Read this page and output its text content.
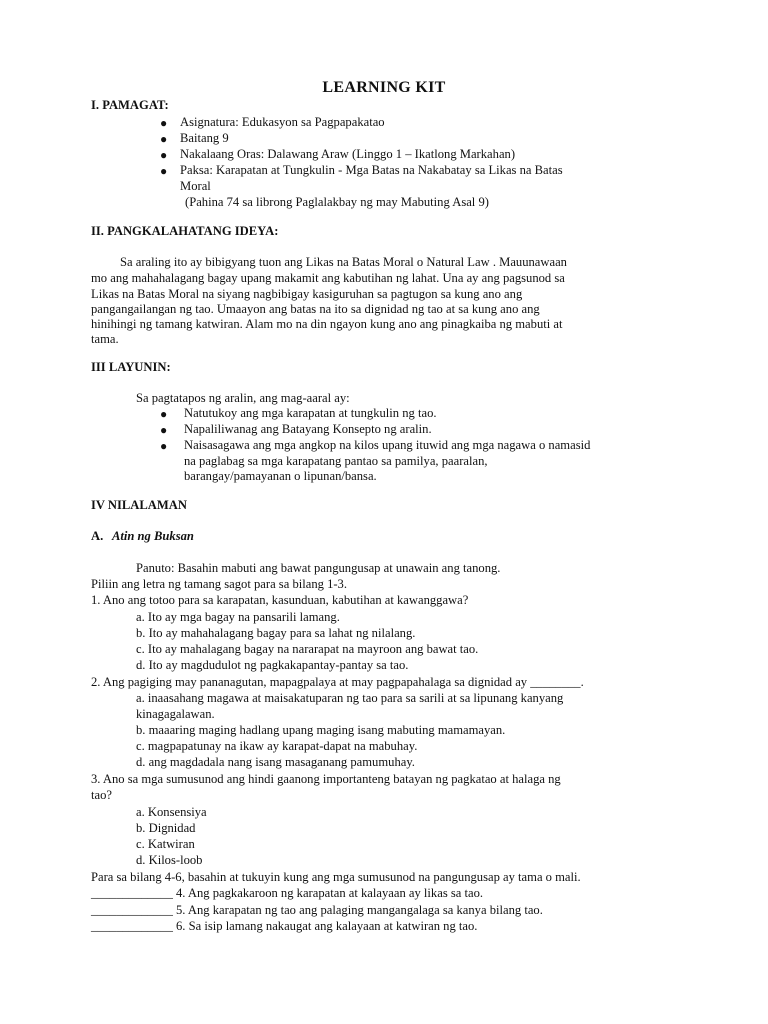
LEARNING KIT
I. PAMAGAT:
● Asignatura: Edukasyon sa Pagpapakatao
● Baitang 9
● Nakalaang Oras: Dalawang Araw (Linggo 1 – Ikatlong Markahan)
● Paksa: Karapatan at Tungkulin - Mga Batas na Nakabatay sa Likas na Batas
Moral
(Pahina 74 sa librong Paglalakbay ng may Mabuting Asal 9)
II. PANGKALAHATANG IDEYA:
Sa araling ito ay bibigyang tuon ang Likas na Batas Moral o Natural Law . Mauunawaan
mo ang mahahalagang bagay upang makamit ang kabutihan ng lahat. Una ay ang pagsunod sa
Likas na Batas Moral na siyang nagbibigay kasiguruhan sa pagtugon sa kung ano ang
pangangailangan ng tao. Umaayon ang batas na ito sa dignidad ng tao at sa kung ano ang
hinihingi ng tamang katwiran. Alam mo na din ngayon kung ano ang pinagkaiba ng mabuti at
tama.
III LAYUNIN:
Sa pagtatapos ng aralin, ang mag-aaral ay:
● Natutukoy ang mga karapatan at tungkulin ng tao.
● Napaliliwanag ang Batayang Konsepto ng aralin.
● Naisasagawa ang mga angkop na kilos upang ituwid ang mga nagawa o namasid
na paglabag sa mga karapatang pantao sa pamilya, paaralan,
barangay/pamayanan o lipunan/bansa.
IV NILALAMAN
A. Atin ng Buksan
Panuto: Basahin mabuti ang bawat pangungusap at unawain ang tanong.
Piliin ang letra ng tamang sagot para sa bilang 1-3.
1. Ano ang totoo para sa karapatan, kasunduan, kabutihan at kawanggawa?
a. Ito ay mga bagay na pansarili lamang.
b. Ito ay mahahalagang bagay para sa lahat ng nilalang.
c. Ito ay mahalagang bagay na nararapat na mayroon ang bawat tao.
d. Ito ay magdudulot ng pagkakapantay-pantay sa tao.
2. Ang pagiging may pananagutan, mapagpalaya at may pagpapahalaga sa dignidad ay ________.
a. inaasahang magawa at maisakatuparan ng tao para sa sarili at sa lipunang kanyang
kinagagalawan.
b. maaaring maging hadlang upang maging isang mabuting mamamayan.
c. magpapatunay na ikaw ay karapat-dapat na mabuhay.
d. ang magdadala nang isang masaganang pamumuhay.
3. Ano sa mga sumusunod ang hindi gaanong importanteng batayan ng pagkatao at halaga ng
tao?
a. Konsensiya
b. Dignidad
c. Katwiran
d. Kilos-loob
Para sa bilang 4-6, basahin at tukuyin kung ang mga sumusunod na pangungusap ay tama o mali.
_____________ 4. Ang pagkakaroon ng karapatan at kalayaan ay likas sa tao.
_____________ 5. Ang karapatan ng tao ang palaging mangangalaga sa kanya bilang tao.
_____________ 6. Sa isip lamang nakaugat ang kalayaan at katwiran ng tao.
